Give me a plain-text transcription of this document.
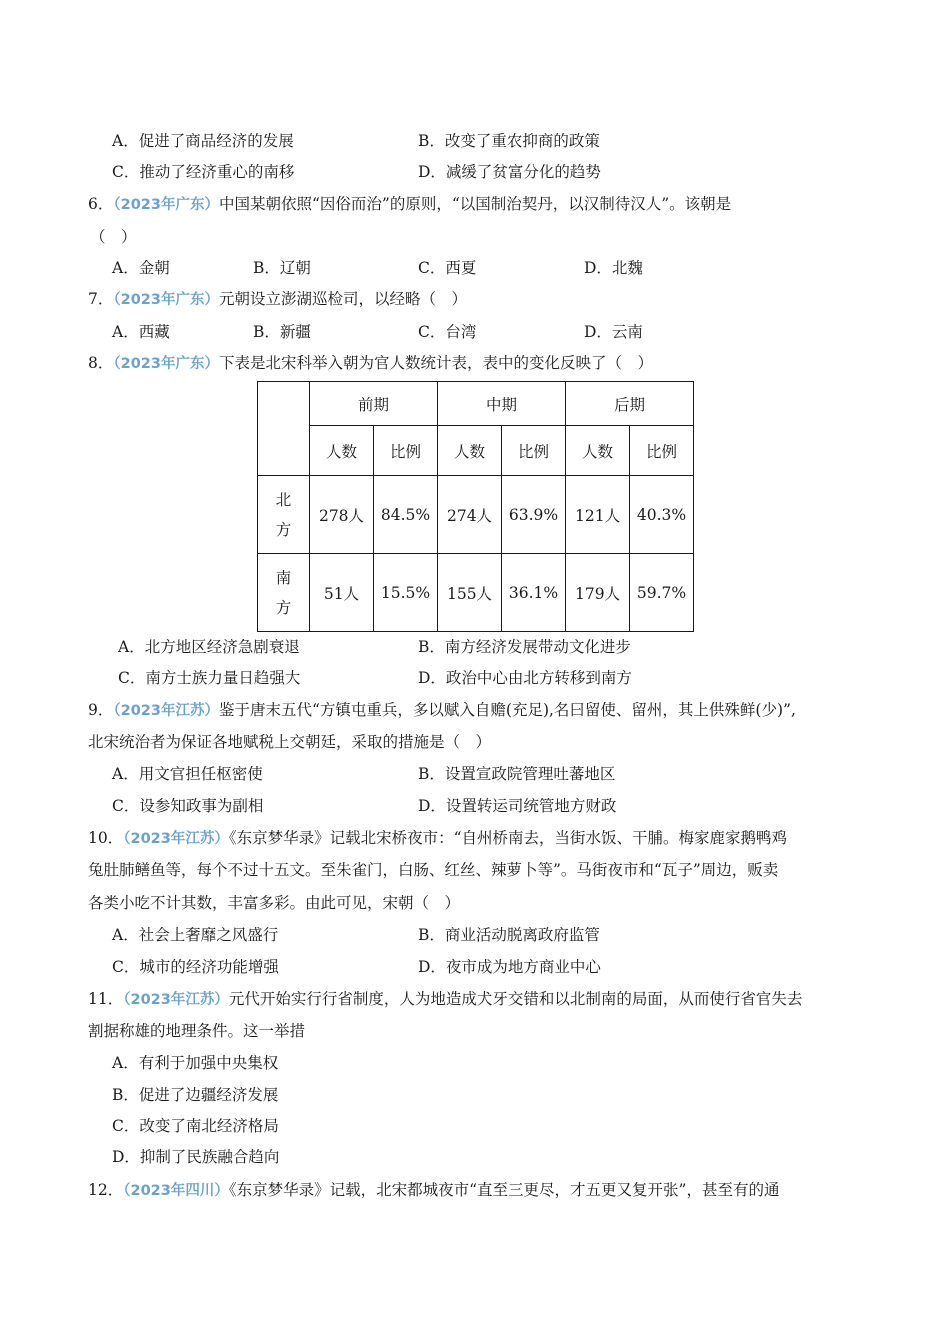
A．促进了商品经济的发展	B．改变了重农抑商的政策
C．推动了经济重心的南移	D．减缓了贫富分化的趋势
6．（2023年广东）中国某朝依照“因俗而治”的原则，“以国制治契丹，以汉制待汉人”。该朝是
（　）
A．金朝	B．辽朝	C．西夏	D．北魏
7．（2023年广东）元朝设立澎湖巡检司，以经略（　）
A．西藏	B．新疆	C．台湾	D．云南
8．（2023年广东）下表是北宋科举入朝为官人数统计表，表中的变化反映了（　）
	前期		中期		后期	
	人数	比例	人数	比例	人数	比例
北
方	278人	84.5%	274人	63.9%	121人	40.3%
南
方	51人	15.5%	155人	36.1%	179人	59.7%
A．北方地区经济急剧衰退	B．南方经济发展带动文化进步
C．南方士族力量日趋强大	D．政治中心由北方转移到南方
9．（2023年江苏）鉴于唐末五代“方镇屯重兵，多以赋入自赡(充足),名曰留使、留州，其上供殊鲜(少)”,
北宋统治者为保证各地赋税上交朝廷，采取的措施是（　）
A．用文官担任枢密使	B．设置宣政院管理吐蕃地区
C．设参知政事为副相	D．设置转运司统管地方财政
10．（2023年江苏）《东京梦华录》记载北宋桥夜市：“自州桥南去，当街水饭、干脯。梅家鹿家鹅鸭鸡
兔肚肺鳝鱼等，每个不过十五文。至朱雀门，白肠、红丝、辣萝卜等”。马街夜市和“瓦子”周边，贩卖
各类小吃不计其数，丰富多彩。由此可见，宋朝（　）
A．社会上奢靡之风盛行	B．商业活动脱离政府监管
C．城市的经济功能增强	D．夜市成为地方商业中心
11．（2023年江苏）元代开始实行行省制度，人为地造成犬牙交错和以北制南的局面，从而使行省官失去
割据称雄的地理条件。这一举措
A．有利于加强中央集权
B．促进了边疆经济发展
C．改变了南北经济格局
D．抑制了民族融合趋向
12．（2023年四川）《东京梦华录》记载，北宋都城夜市“直至三更尽，才五更又复开张”，甚至有的通
